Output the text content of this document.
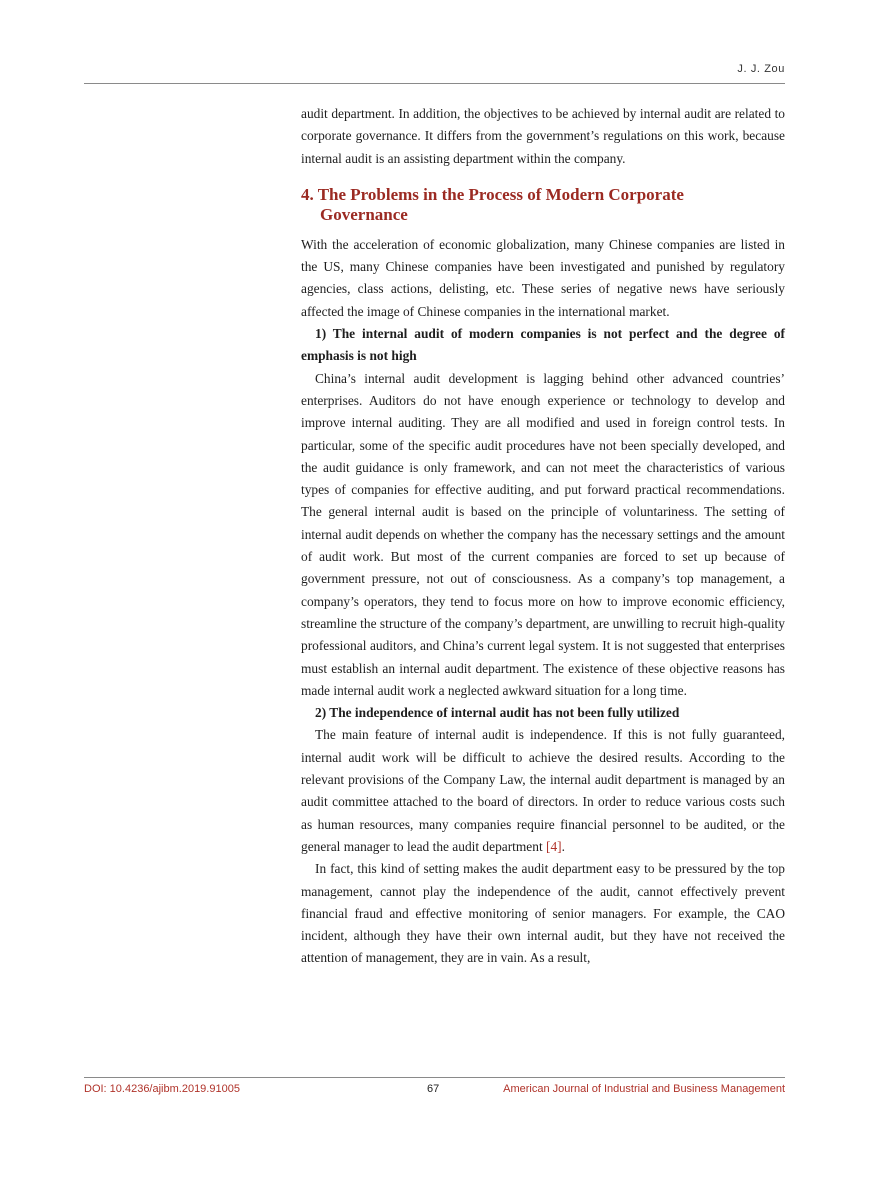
J. J. Zou

audit department. In addition, the objectives to be achieved by internal audit are related to corporate governance. It differs from the government’s regulations on this work, because internal audit is an assisting department within the company.

4. The Problems in the Process of Modern Corporate
Governance

With the acceleration of economic globalization, many Chinese companies are listed in the US, many Chinese companies have been investigated and punished by regulatory agencies, class actions, delisting, etc. These series of negative news have seriously affected the image of Chinese companies in the international market.

1) The internal audit of modern companies is not perfect and the degree of emphasis is not high

China’s internal audit development is lagging behind other advanced countries’ enterprises. Auditors do not have enough experience or technology to develop and improve internal auditing. They are all modified and used in foreign control tests. In particular, some of the specific audit procedures have not been specially developed, and the audit guidance is only framework, and can not meet the characteristics of various types of companies for effective auditing, and put forward practical recommendations. The general internal audit is based on the principle of voluntariness. The setting of internal audit depends on whether the company has the necessary settings and the amount of audit work. But most of the current companies are forced to set up because of government pressure, not out of consciousness. As a company’s top management, a company’s operators, they tend to focus more on how to improve economic efficiency, streamline the structure of the company’s department, are unwilling to recruit high-quality professional auditors, and China’s current legal system. It is not suggested that enterprises must establish an internal audit department. The existence of these objective reasons has made internal audit work a neglected awkward situation for a long time.

2) The independence of internal audit has not been fully utilized

The main feature of internal audit is independence. If this is not fully guaranteed, internal audit work will be difficult to achieve the desired results. According to the relevant provisions of the Company Law, the internal audit department is managed by an audit committee attached to the board of directors. In order to reduce various costs such as human resources, many companies require financial personnel to be audited, or the general manager to lead the audit department [4].

In fact, this kind of setting makes the audit department easy to be pressured by the top management, cannot play the independence of the audit, cannot effectively prevent financial fraud and effective monitoring of senior managers. For example, the CAO incident, although they have their own internal audit, but they have not received the attention of management, they are in vain. As a result,

DOI: 10.4236/ajibm.2019.91005	67	American Journal of Industrial and Business Management
